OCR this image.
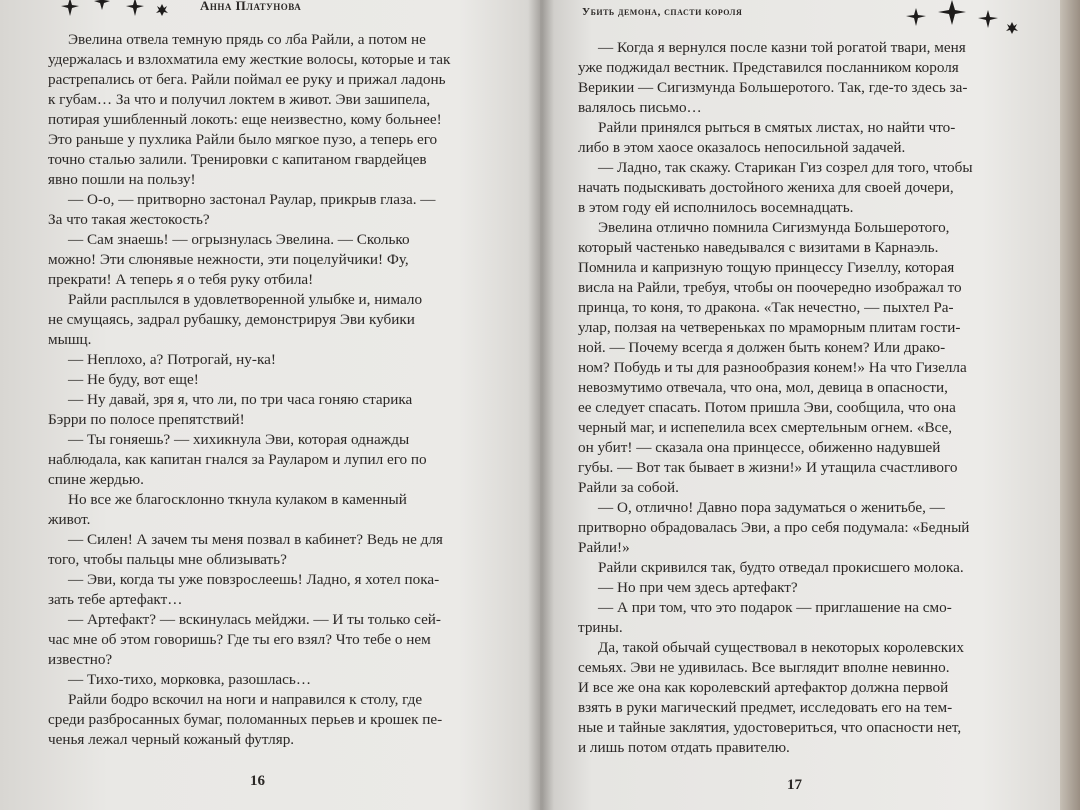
Анна Платунова

Эвелина отвела темную прядь со лба Райли, а потом не

удержалась и взлохматила ему жесткие волосы, которые и так

растрепались от бега. Райли поймал ее руку и прижал ладонь

к губам… За что и получил локтем в живот. Эви зашипела,

потирая ушибленный локоть: еще неизвестно, кому больнее!

Это раньше у пухлика Райли было мягкое пузо, а теперь его

точно сталью залили. Тренировки с капитаном гвардейцев

явно пошли на пользу!

— О-о, — притворно застонал Раулар, прикрыв глаза. —

За что такая жестокость?

— Сам знаешь! — огрызнулась Эвелина. — Сколько

можно! Эти слюнявые нежности, эти поцелуйчики! Фу,

прекрати! А теперь я о тебя руку отбила!

Райли расплылся в удовлетворенной улыбке и, нимало

не смущаясь, задрал рубашку, демонстрируя Эви кубики

мышц.

— Неплохо, а? Потрогай, ну-ка!

— Не буду, вот еще!

— Ну давай, зря я, что ли, по три часа гоняю старика

Бэрри по полосе препятствий!

— Ты гоняешь? — хихикнула Эви, которая однажды

наблюдала, как капитан гнался за Рауларом и лупил его по

спине жердью.

Но все же благосклонно ткнула кулаком в каменный

живот.

— Силен! А зачем ты меня позвал в кабинет? Ведь не для

того, чтобы пальцы мне облизывать?

— Эви, когда ты уже повзрослеешь! Ладно, я хотел пока-

зать тебе артефакт…

— Артефакт? — вскинулась мейджи. — И ты только сей-

час мне об этом говоришь? Где ты его взял? Что тебе о нем

известно?

— Тихо-тихо, морковка, разошлась…

Райли бодро вскочил на ноги и направился к столу, где

среди разбросанных бумаг, поломанных перьев и крошек пе-

ченья лежал черный кожаный футляр.

16
Убить демона, спасти короля

— Когда я вернулся после казни той рогатой твари, меня

уже поджидал вестник. Представился посланником короля

Верикии — Сигизмунда Большеротого. Так, где-то здесь за-

валялось письмо…

Райли принялся рыться в смятых листах, но найти что-

либо в этом хаосе оказалось непосильной задачей.

— Ладно, так скажу. Старикан Гиз созрел для того, чтобы

начать подыскивать достойного жениха для своей дочери,

в этом году ей исполнилось восемнадцать.

Эвелина отлично помнила Сигизмунда Большеротого,

который частенько наведывался с визитами в Карнаэль.

Помнила и капризную тощую принцессу Гизеллу, которая

висла на Райли, требуя, чтобы он поочередно изображал то

принца, то коня, то дракона. «Так нечестно, — пыхтел Ра-

улар, ползая на четвереньках по мраморным плитам гости-

ной. — Почему всегда я должен быть конем? Или драко-

ном? Побудь и ты для разнообразия конем!» На что Гизелла

невозмутимо отвечала, что она, мол, девица в опасности,

ее следует спасать. Потом пришла Эви, сообщила, что она

черный маг, и испепелила всех смертельным огнем. «Все,

он убит! — сказала она принцессе, обиженно надувшей

губы. — Вот так бывает в жизни!» И утащила счастливого

Райли за собой.

— О, отлично! Давно пора задуматься о женитьбе, —

притворно обрадовалась Эви, а про себя подумала: «Бедный

Райли!»

Райли скривился так, будто отведал прокисшего молока.

— Но при чем здесь артефакт?

— А при том, что это подарок — приглашение на смо-

трины.

Да, такой обычай существовал в некоторых королевских

семьях. Эви не удивилась. Все выглядит вполне невинно.

И все же она как королевский артефактор должна первой

взять в руки магический предмет, исследовать его на тем-

ные и тайные заклятия, удостовериться, что опасности нет,

и лишь потом отдать правителю.

17
